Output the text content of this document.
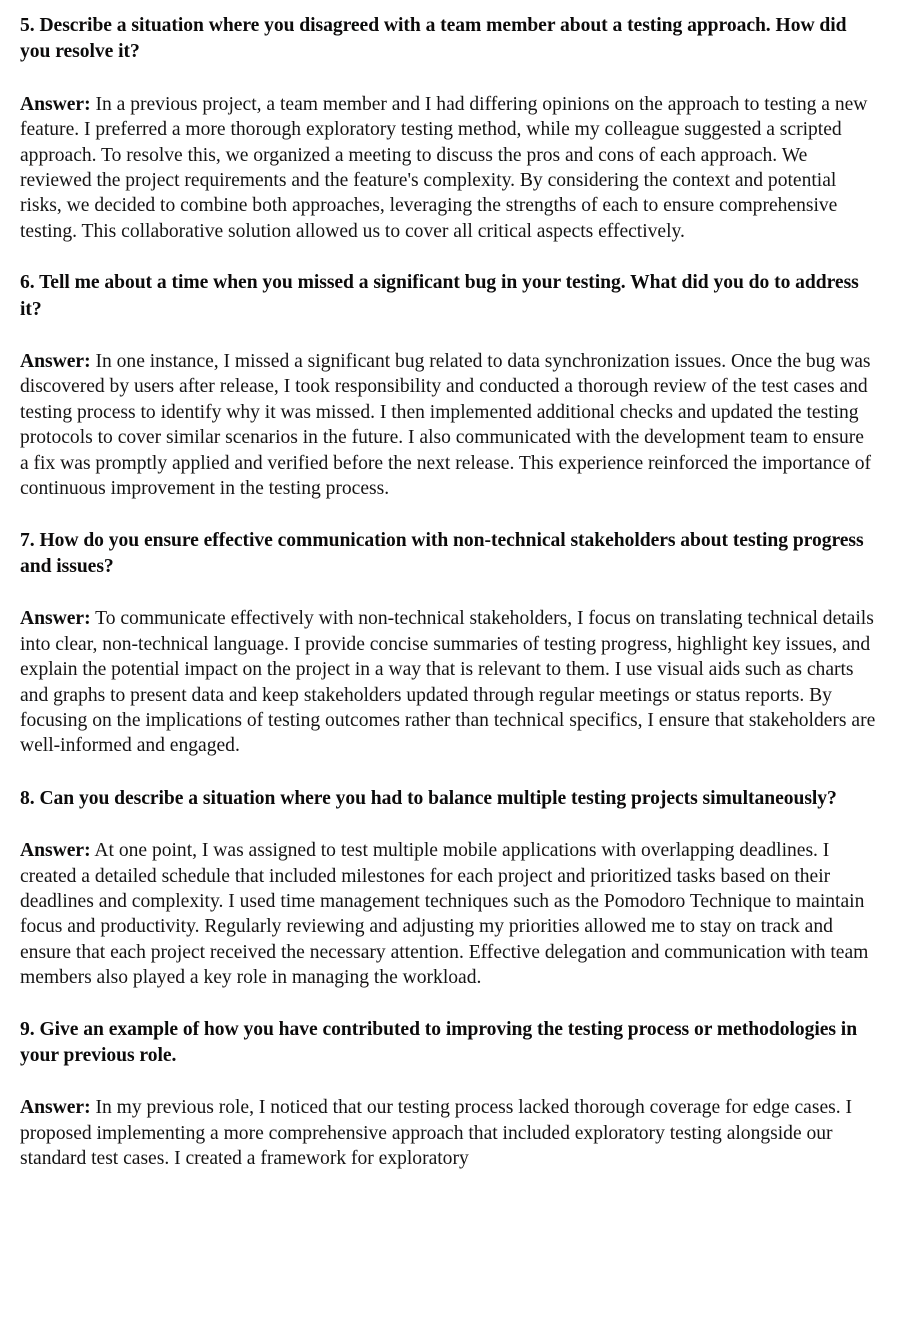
5. Describe a situation where you disagreed with a team member about a testing approach. How did you resolve it?

Answer: In a previous project, a team member and I had differing opinions on the approach to testing a new feature. I preferred a more thorough exploratory testing method, while my colleague suggested a scripted approach. To resolve this, we organized a meeting to discuss the pros and cons of each approach. We reviewed the project requirements and the feature's complexity. By considering the context and potential risks, we decided to combine both approaches, leveraging the strengths of each to ensure comprehensive testing. This collaborative solution allowed us to cover all critical aspects effectively.

6. Tell me about a time when you missed a significant bug in your testing. What did you do to address it?

Answer: In one instance, I missed a significant bug related to data synchronization issues. Once the bug was discovered by users after release, I took responsibility and conducted a thorough review of the test cases and testing process to identify why it was missed. I then implemented additional checks and updated the testing protocols to cover similar scenarios in the future. I also communicated with the development team to ensure a fix was promptly applied and verified before the next release. This experience reinforced the importance of continuous improvement in the testing process.

7. How do you ensure effective communication with non-technical stakeholders about testing progress and issues?

Answer: To communicate effectively with non-technical stakeholders, I focus on translating technical details into clear, non-technical language. I provide concise summaries of testing progress, highlight key issues, and explain the potential impact on the project in a way that is relevant to them. I use visual aids such as charts and graphs to present data and keep stakeholders updated through regular meetings or status reports. By focusing on the implications of testing outcomes rather than technical specifics, I ensure that stakeholders are well-informed and engaged.

8. Can you describe a situation where you had to balance multiple testing projects simultaneously?

Answer: At one point, I was assigned to test multiple mobile applications with overlapping deadlines. I created a detailed schedule that included milestones for each project and prioritized tasks based on their deadlines and complexity. I used time management techniques such as the Pomodoro Technique to maintain focus and productivity. Regularly reviewing and adjusting my priorities allowed me to stay on track and ensure that each project received the necessary attention. Effective delegation and communication with team members also played a key role in managing the workload.

9. Give an example of how you have contributed to improving the testing process or methodologies in your previous role.

Answer: In my previous role, I noticed that our testing process lacked thorough coverage for edge cases. I proposed implementing a more comprehensive approach that included exploratory testing alongside our standard test cases. I created a framework for exploratory
